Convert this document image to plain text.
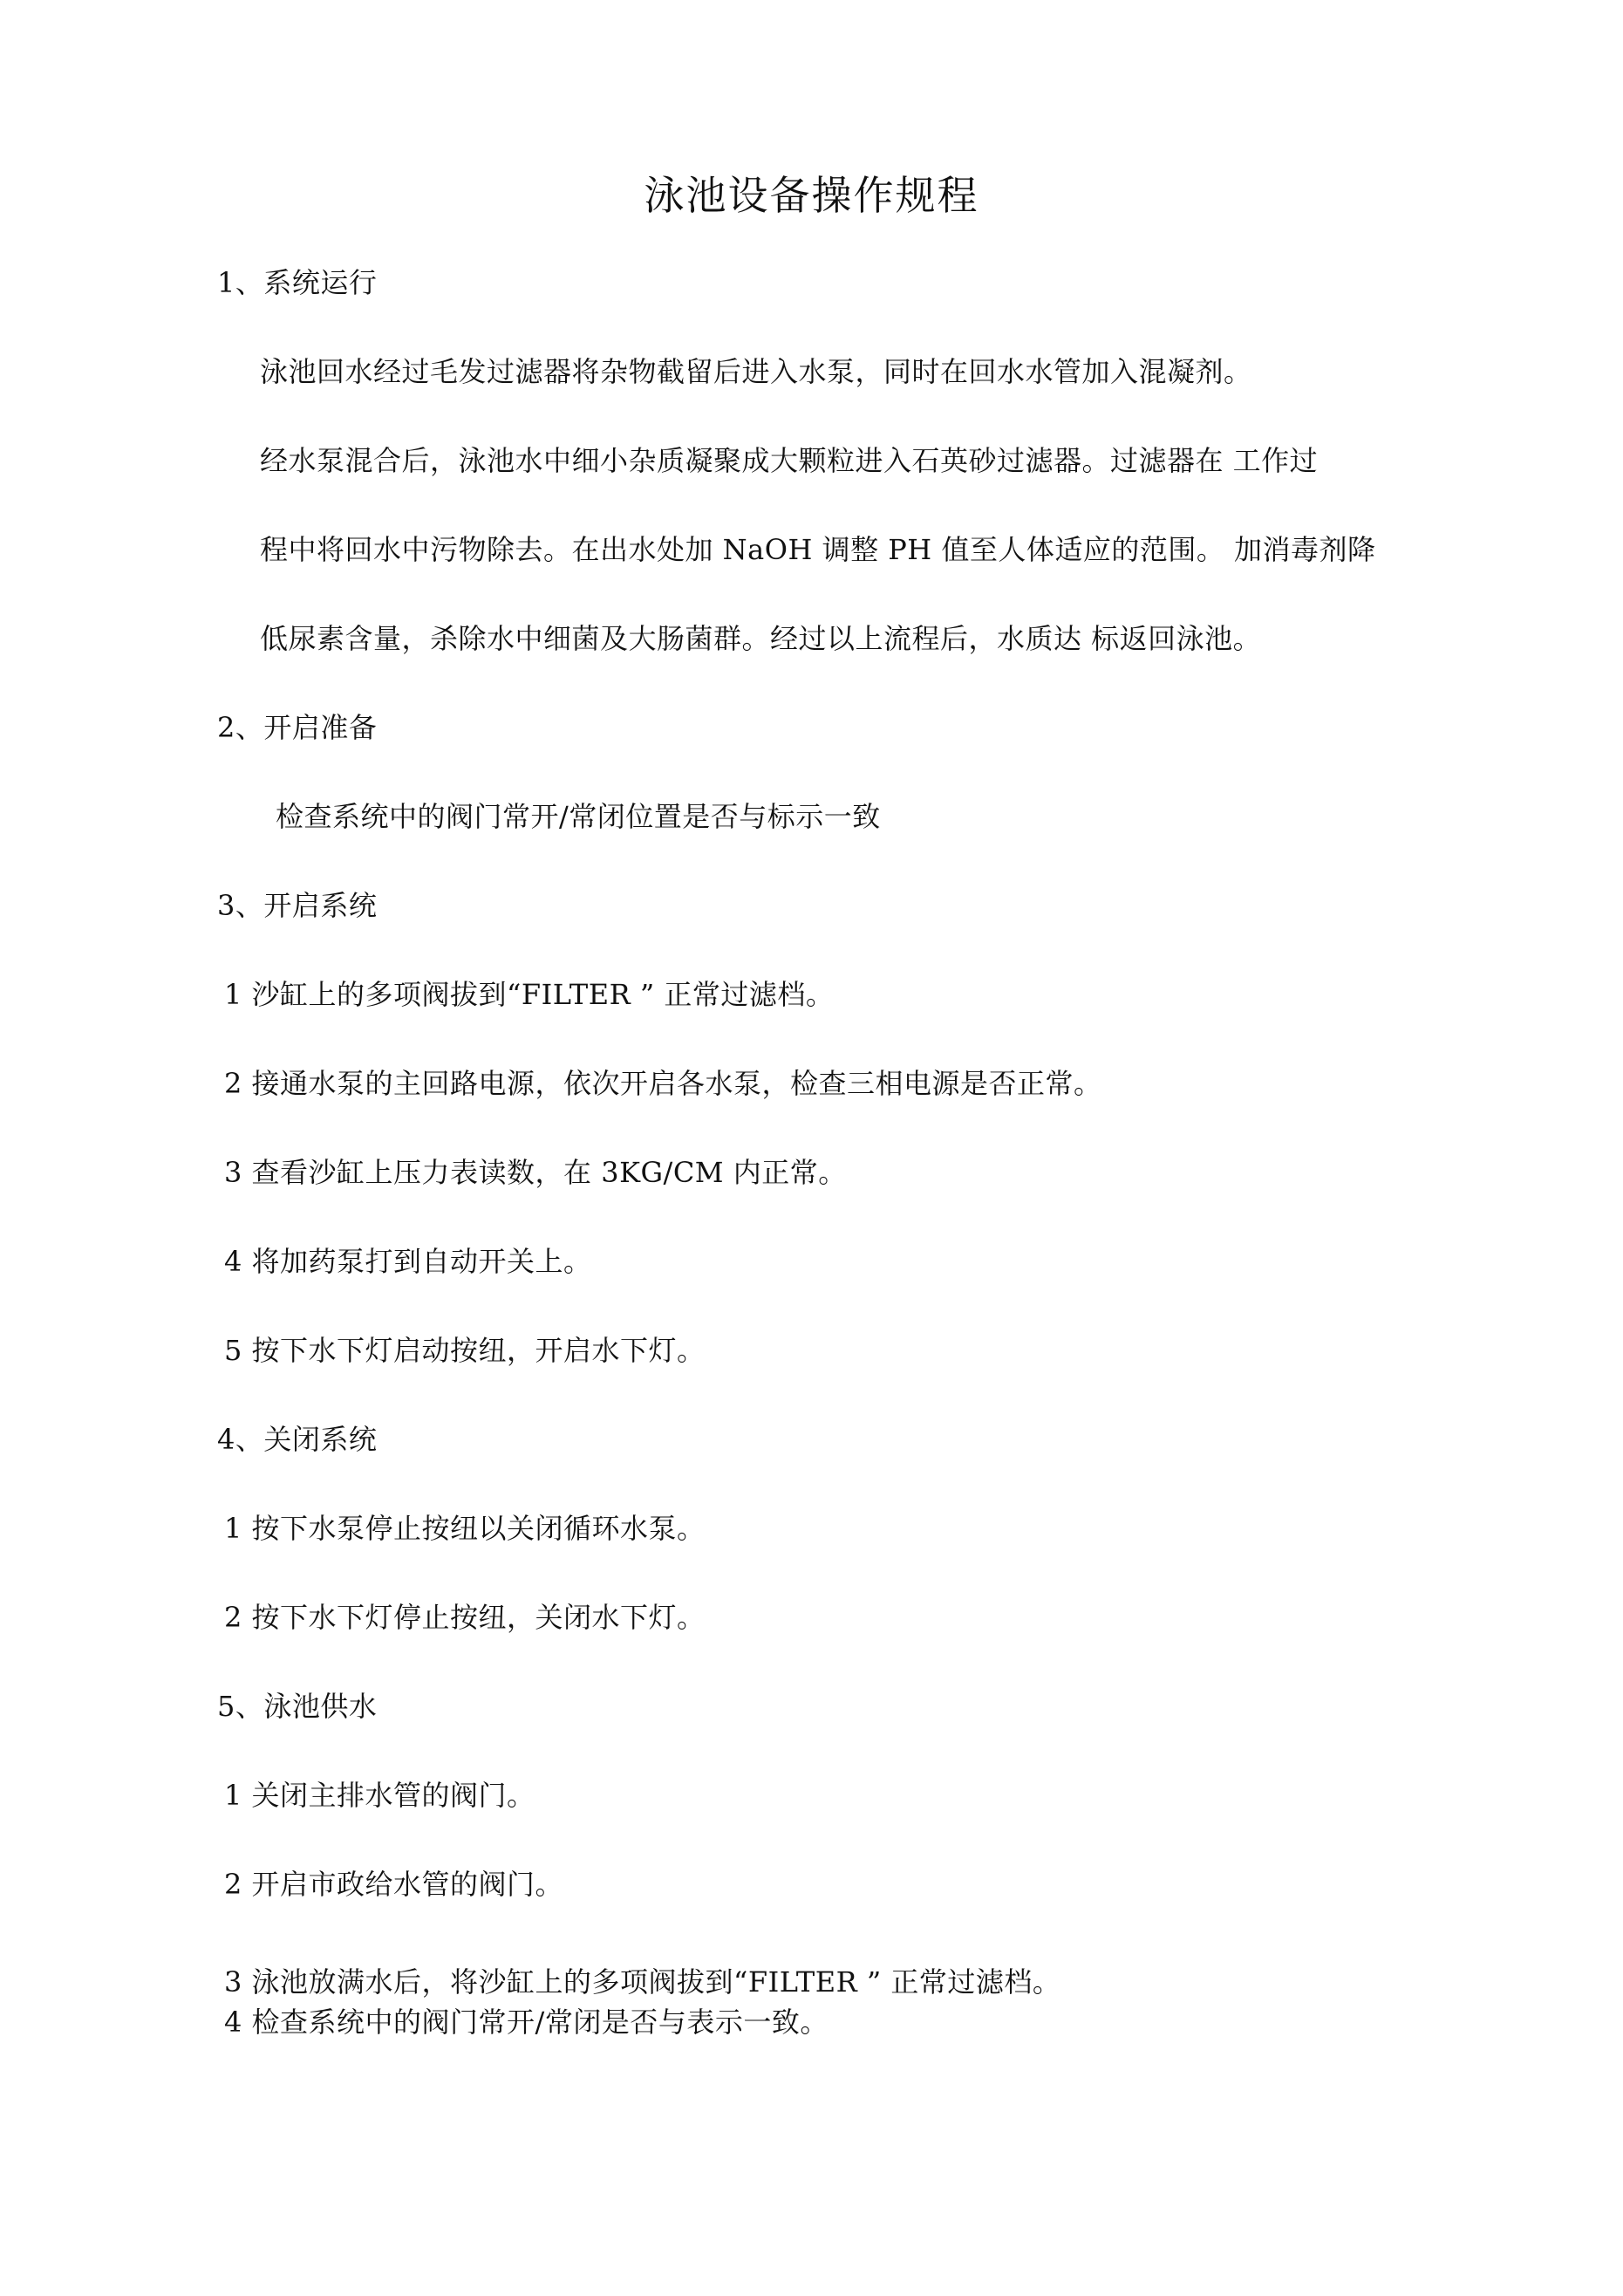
泳池设备操作规程
1、系统运行
泳池回水经过毛发过滤器将杂物截留后进入水泵，同时在回水水管加入混凝剂。
经水泵混合后，泳池水中细小杂质凝聚成大颗粒进入石英砂过滤器。过滤器在 工作过
程中将回水中污物除去。在出水处加 NaOH 调整 PH 值至人体适应的范围。 加消毒剂降
低尿素含量，杀除水中细菌及大肠菌群。经过以上流程后，水质达 标返回泳池。
2、开启准备
检查系统中的阀门常开/常闭位置是否与标示一致
3、开启系统
1 沙缸上的多项阀拔到“FILTER ” 正常过滤档。
2 接通水泵的主回路电源，依次开启各水泵，检查三相电源是否正常。
3 查看沙缸上压力表读数，在 3KG/CM 内正常。
4 将加药泵打到自动开关上。
5 按下水下灯启动按纽，开启水下灯。
4、关闭系统
1 按下水泵停止按纽以关闭循环水泵。
2 按下水下灯停止按纽，关闭水下灯。
5、泳池供水
1 关闭主排水管的阀门。
2 开启市政给水管的阀门。
3 泳池放满水后，将沙缸上的多项阀拔到“FILTER ” 正常过滤档。
4 检查系统中的阀门常开/常闭是否与表示一致。
